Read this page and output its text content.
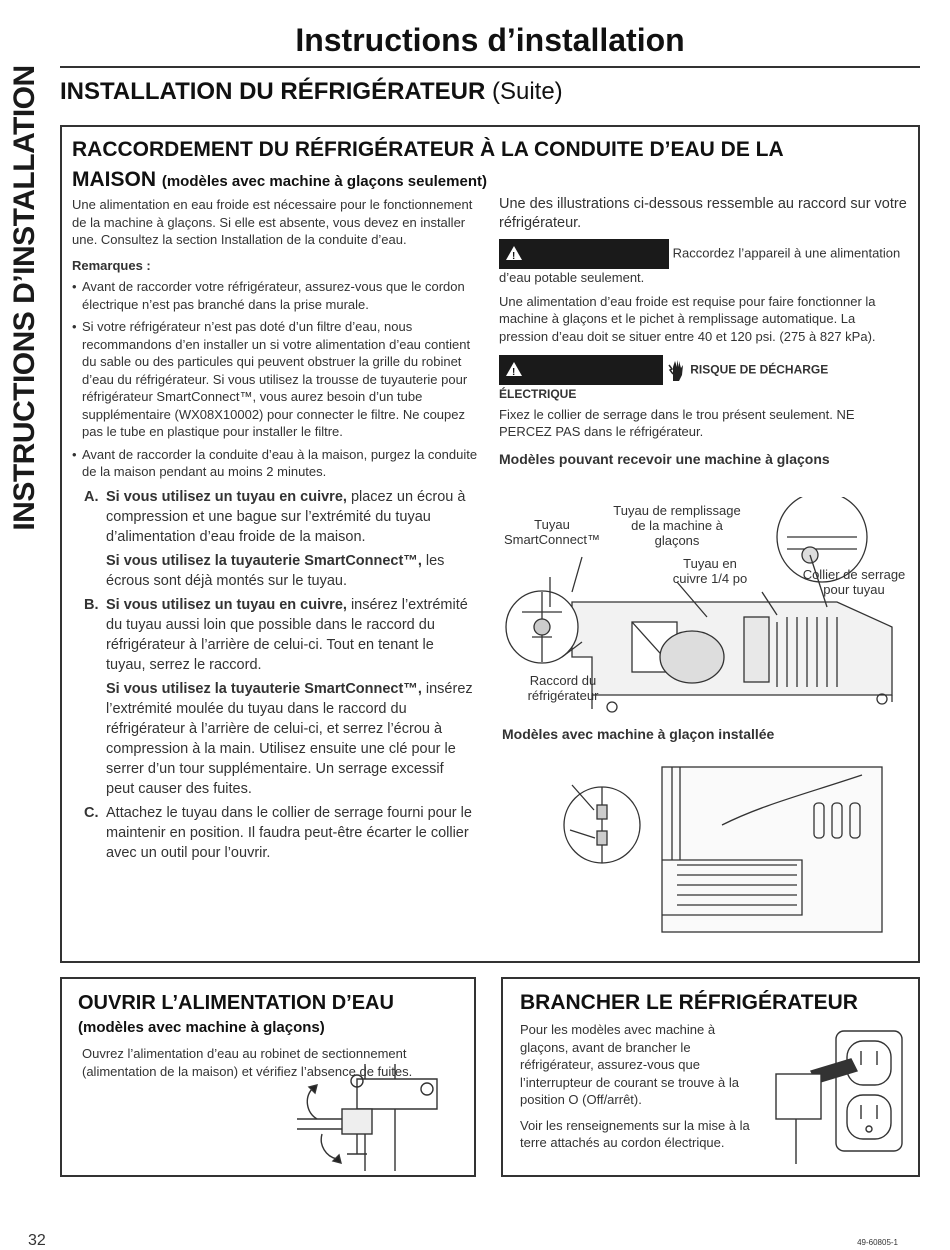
INSTRUCTIONS D’INSTALLATION
Instructions d’installation
INSTALLATION DU RÉFRIGÉRATEUR (Suite)
RACCORDEMENT DU RÉFRIGÉRATEUR À LA CONDUITE D’EAU DE LA
MAISON (modèles avec machine à glaçons seulement)

Une alimentation en eau froide est nécessaire pour le fonctionnement de la machine à glaçons. Si elle est absente, vous devez en installer une. Consultez la section Installation de la conduite d’eau.

Remarques :

• Avant de raccorder votre réfrigérateur, assurez-vous que le cordon électrique n’est pas branché dans la prise murale.
• Si votre réfrigérateur n’est pas doté d’un filtre d’eau, nous recommandons d’en installer un si votre alimentation d’eau contient du sable ou des particules qui peuvent obstruer la grille du robinet d’eau du réfrigérateur. Si vous utilisez la trousse de tuyauterie pour réfrigérateur SmartConnect™, vous aurez besoin d’un tube supplémentaire (WX08X10002) pour connecter le filtre. Ne coupez pas le tube en plastique pour installer le filtre.
• Avant de raccorder la conduite d’eau à la maison, purgez la conduite de la maison pendant au moins 2 minutes.
A. Si vous utilisez un tuyau en cuivre, placez un écrou à compression et une bague sur l’extrémité du tuyau d’alimentation d’eau froide de la maison.
Si vous utilisez la tuyauterie SmartConnect™, les écrous sont déjà montés sur le tuyau.
B. Si vous utilisez un tuyau en cuivre, insérez l’extrémité du tuyau aussi loin que possible dans le raccord du réfrigérateur à l’arrière de celui-ci. Tout en tenant le tuyau, serrez le raccord.
Si vous utilisez la tuyauterie SmartConnect™, insérez l’extrémité moulée du tuyau dans le raccord du réfrigérateur à l’arrière de celui-ci, et serrez l’écrou à compression à la main. Utilisez ensuite une clé pour le serrer d’un tour supplémentaire. Un serrage excessif peut causer des fuites.
C. Attachez le tuyau dans le collier de serrage fourni pour le maintenir en position. Il faudra peut-être écarter le collier avec un outil pour l’ouvrir.
Une des illustrations ci-dessous ressemble au raccord sur votre réfrigérateur.
!
Raccordez l’appareil à une alimentation d’eau potable seulement.

Une alimentation d’eau froide est requise pour faire fonctionner la machine à glaçons et le pichet à remplissage automatique. La pression d’eau doit se situer entre 40 et 120 psi. (275 à 827 kPa).

!
RISQUE DE DÉCHARGE ÉLECTRIQUE
Fixez le collier de serrage dans le trou présent seulement. NE PERCEZ PAS dans le réfrigérateur.
Modèles pouvant recevoir une machine à glaçons
Tuyau SmartConnect™
Tuyau de remplissage de la machine à glaçons
Tuyau en cuivre 1/4 po	Collier de serrage pour tuyau
Raccord du réfrigérateur
Modèles avec machine à glaçon installée
OUVRIR L’ALIMENTATION D’EAU
(modèles avec machine à glaçons)
Ouvrez l’alimentation d’eau au robinet de sectionnement (alimentation de la maison) et vérifiez l’absence de fuites.
BRANCHER LE RÉFRIGÉRATEUR

Pour les modèles avec machine à glaçons, avant de brancher le réfrigérateur, assurez-vous que l’interrupteur de courant se trouve à la position O (Off/arrêt).

Voir les renseignements sur la mise à la terre attachés au cordon électrique.

32	49-60805-1
